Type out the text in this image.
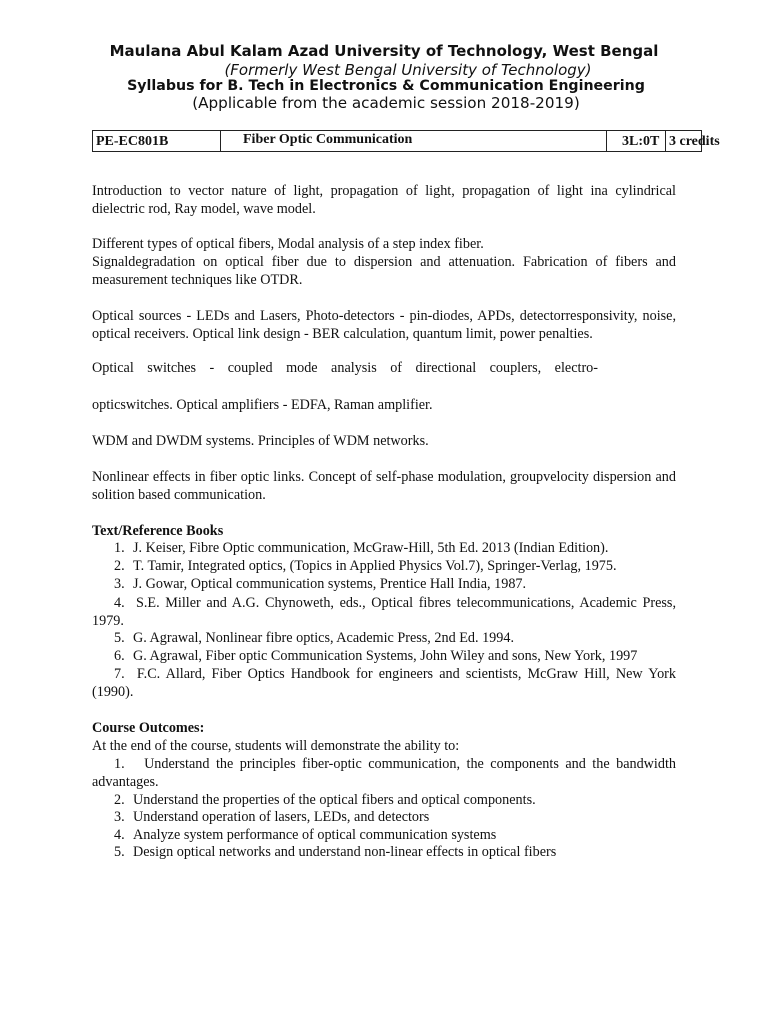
Maulana Abul Kalam Azad University of Technology, West Bengal
(Formerly West Bengal University of Technology)
Syllabus for B. Tech in Electronics & Communication Engineering
(Applicable from the academic session 2018-2019)
PE-EC801B	Fiber Optic Communication	3L:0T 3 credits
Introduction to vector nature of light, propagation of light, propagation of light ina cylindrical dielectric rod, Ray model, wave model.
Different types of optical fibers, Modal analysis of a step index fiber.
Signaldegradation on optical fiber due to dispersion and attenuation. Fabrication of fibers and measurement techniques like OTDR.
Optical sources - LEDs and Lasers, Photo-detectors - pin-diodes, APDs, detectorresponsivity, noise, optical receivers. Optical link design - BER calculation, quantum limit, power penalties.
Optical switches - coupled mode analysis of directional couplers, electro-
opticswitches. Optical amplifiers - EDFA, Raman amplifier.
WDM and DWDM systems. Principles of WDM networks.
Nonlinear effects in fiber optic links. Concept of self-phase modulation, groupvelocity dispersion and solition based communication.
Text/Reference Books
1. J. Keiser, Fibre Optic communication, McGraw-Hill, 5th Ed. 2013 (Indian Edition).
2. T. Tamir, Integrated optics, (Topics in Applied Physics Vol.7), Springer-Verlag, 1975.
3. J. Gowar, Optical communication systems, Prentice Hall India, 1987.
4. S.E. Miller and A.G. Chynoweth, eds., Optical fibres telecommunications, Academic Press, 1979.
5. G. Agrawal, Nonlinear fibre optics, Academic Press, 2nd Ed. 1994.
6. G. Agrawal, Fiber optic Communication Systems, John Wiley and sons, New York, 1997
7. F.C. Allard, Fiber Optics Handbook for engineers and scientists, McGraw Hill, New York (1990).
Course Outcomes:
At the end of the course, students will demonstrate the ability to:
1. Understand the principles fiber-optic communication, the components and the bandwidth advantages.
2. Understand the properties of the optical fibers and optical components.
3. Understand operation of lasers, LEDs, and detectors
4. Analyze system performance of optical communication systems
5. Design optical networks and understand non-linear effects in optical fibers
